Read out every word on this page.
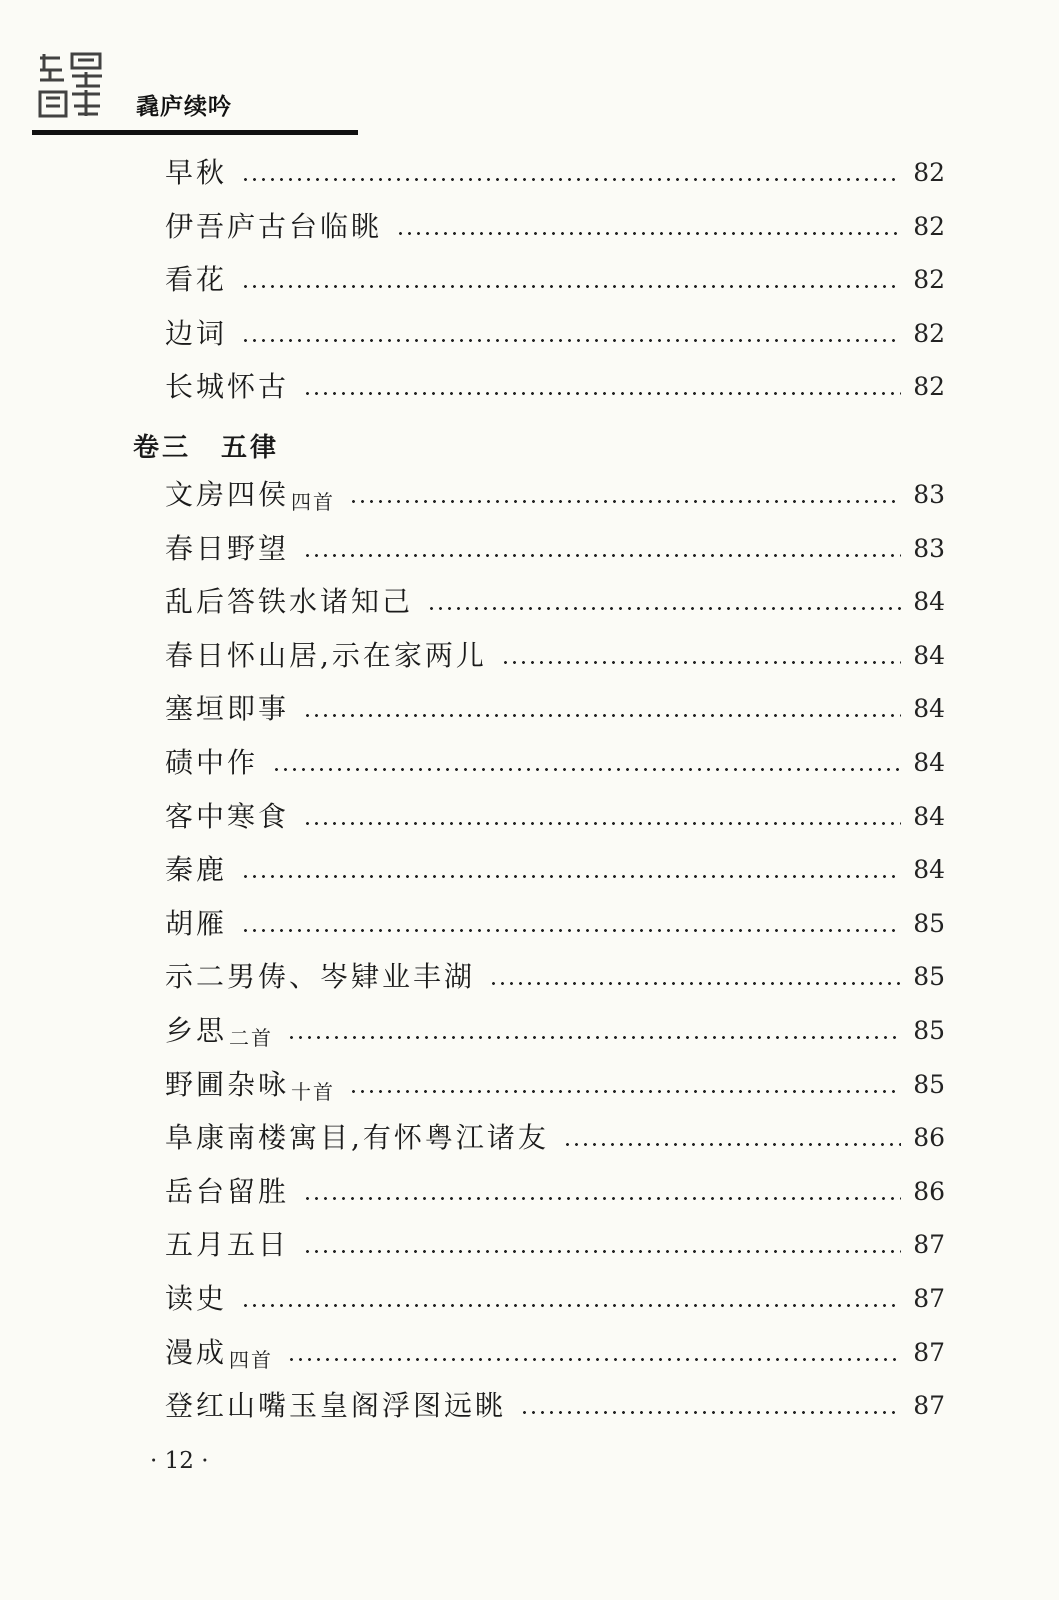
毳庐续吟
早秋	82
伊吾庐古台临眺	82
看花	82
边词	82
长城怀古	82
文房四侯 四首	83
春日野望	83
乱后答铁水诸知己	84
春日怀山居,示在家两儿	84
塞垣即事	84
碛中作	84
客中寒食	84
秦鹿	84
胡雁	85
示二男俦、岑肄业丰湖	85
乡思 二首	85
野圃杂咏 十首	85
阜康南楼寓目,有怀粤江诸友	86
岳台留胜	86
五月五日	87
读史	87
漫成 四首	87
登红山嘴玉皇阁浮图远眺	87
卷三 五律
· 12 ·
